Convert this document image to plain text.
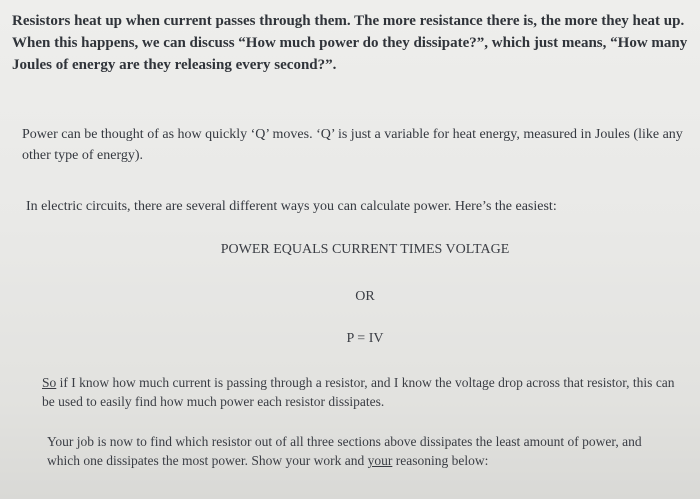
Resistors heat up when current passes through them. The more resistance there is, the more they heat up. When this happens, we can discuss “How much power do they dissipate?”, which just means, “How many Joules of energy are they releasing every second?”.

Power can be thought of as how quickly ‘Q’ moves. ‘Q’ is just a variable for heat energy, measured in Joules (like any other type of energy).

In electric circuits, there are several different ways you can calculate power. Here’s the easiest:

POWER EQUALS CURRENT TIMES VOLTAGE
OR
P = IV

So if I know how much current is passing through a resistor, and I know the voltage drop across that resistor, this can be used to easily find how much power each resistor dissipates.

Your job is now to find which resistor out of all three sections above dissipates the least amount of power, and which one dissipates the most power. Show your work and your reasoning below:
